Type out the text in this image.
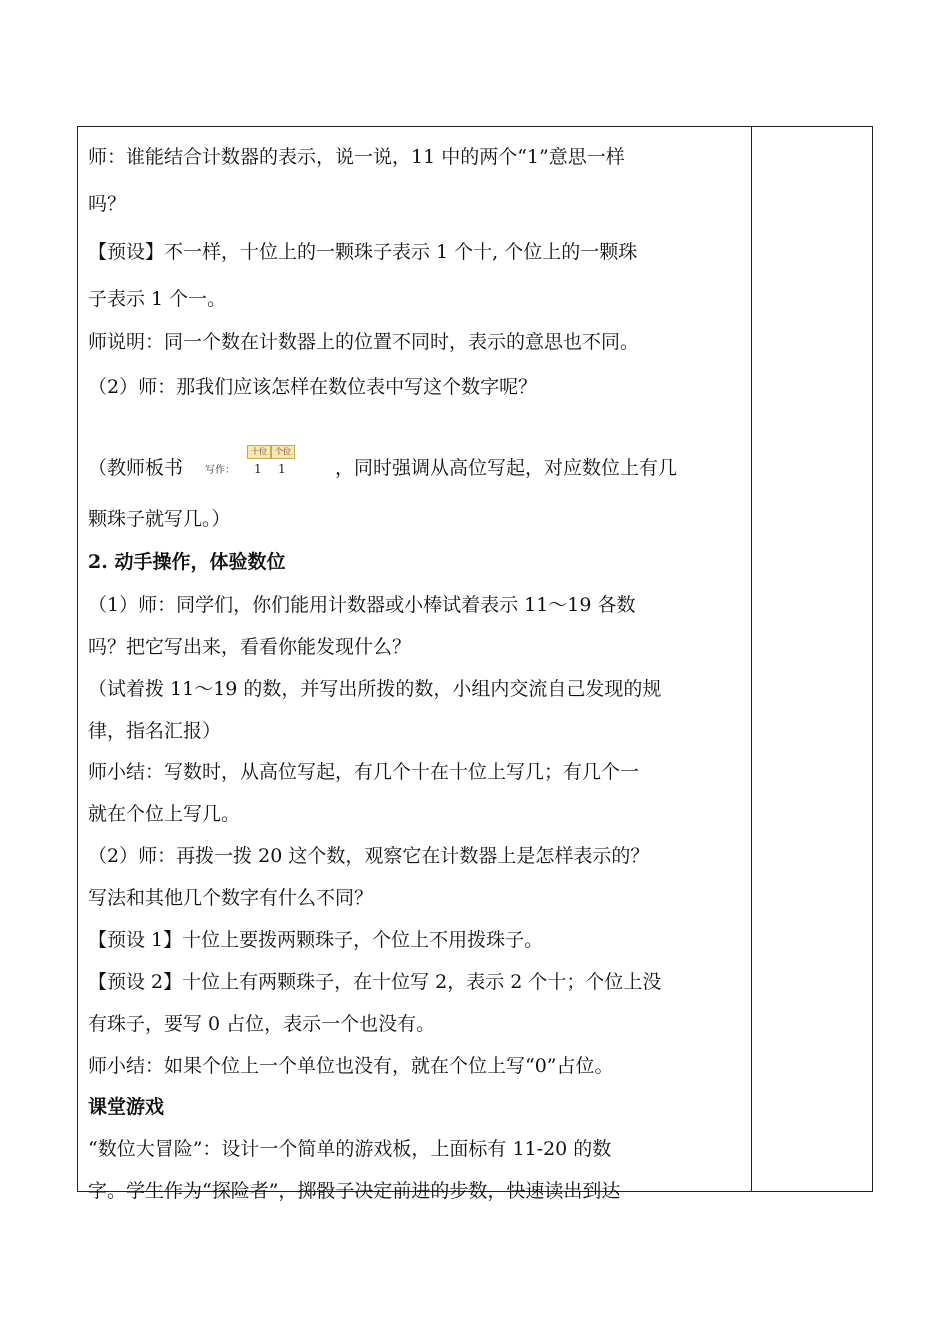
师：谁能结合计数器的表示，说一说，11 中的两个“1”意思一样
吗？
【预设】不一样，十位上的一颗珠子表示 1 个十, 个位上的一颗珠
子表示 1 个一。
师说明：同一个数在计数器上的位置不同时，表示的意思也不同。
（2）师：那我们应该怎样在数位表中写这个数字呢？
（教师板书 写作：
十位	个位
1 1	，同时强调从高位写起，对应数位上有几
颗珠子就写几。）
2. 动手操作，体验数位
（1）师：同学们，你们能用计数器或小棒试着表示 11～19 各数
吗？把它写出来，看看你能发现什么？
（试着拨 11～19 的数，并写出所拨的数，小组内交流自己发现的规
律，指名汇报）
师小结：写数时，从高位写起，有几个十在十位上写几；有几个一
就在个位上写几。
（2）师：再拨一拨 20 这个数，观察它在计数器上是怎样表示的？
写法和其他几个数字有什么不同？
【预设 1】十位上要拨两颗珠子，个位上不用拨珠子。
【预设 2】十位上有两颗珠子，在十位写 2，表示 2 个十；个位上没
有珠子，要写 0 占位，表示一个也没有。
师小结：如果个位上一个单位也没有，就在个位上写“0”占位。
课堂游戏
“数位大冒险”：设计一个简单的游戏板，上面标有 11-20 的数
字。学生作为“探险者”，掷骰子决定前进的步数，快速读出到达
